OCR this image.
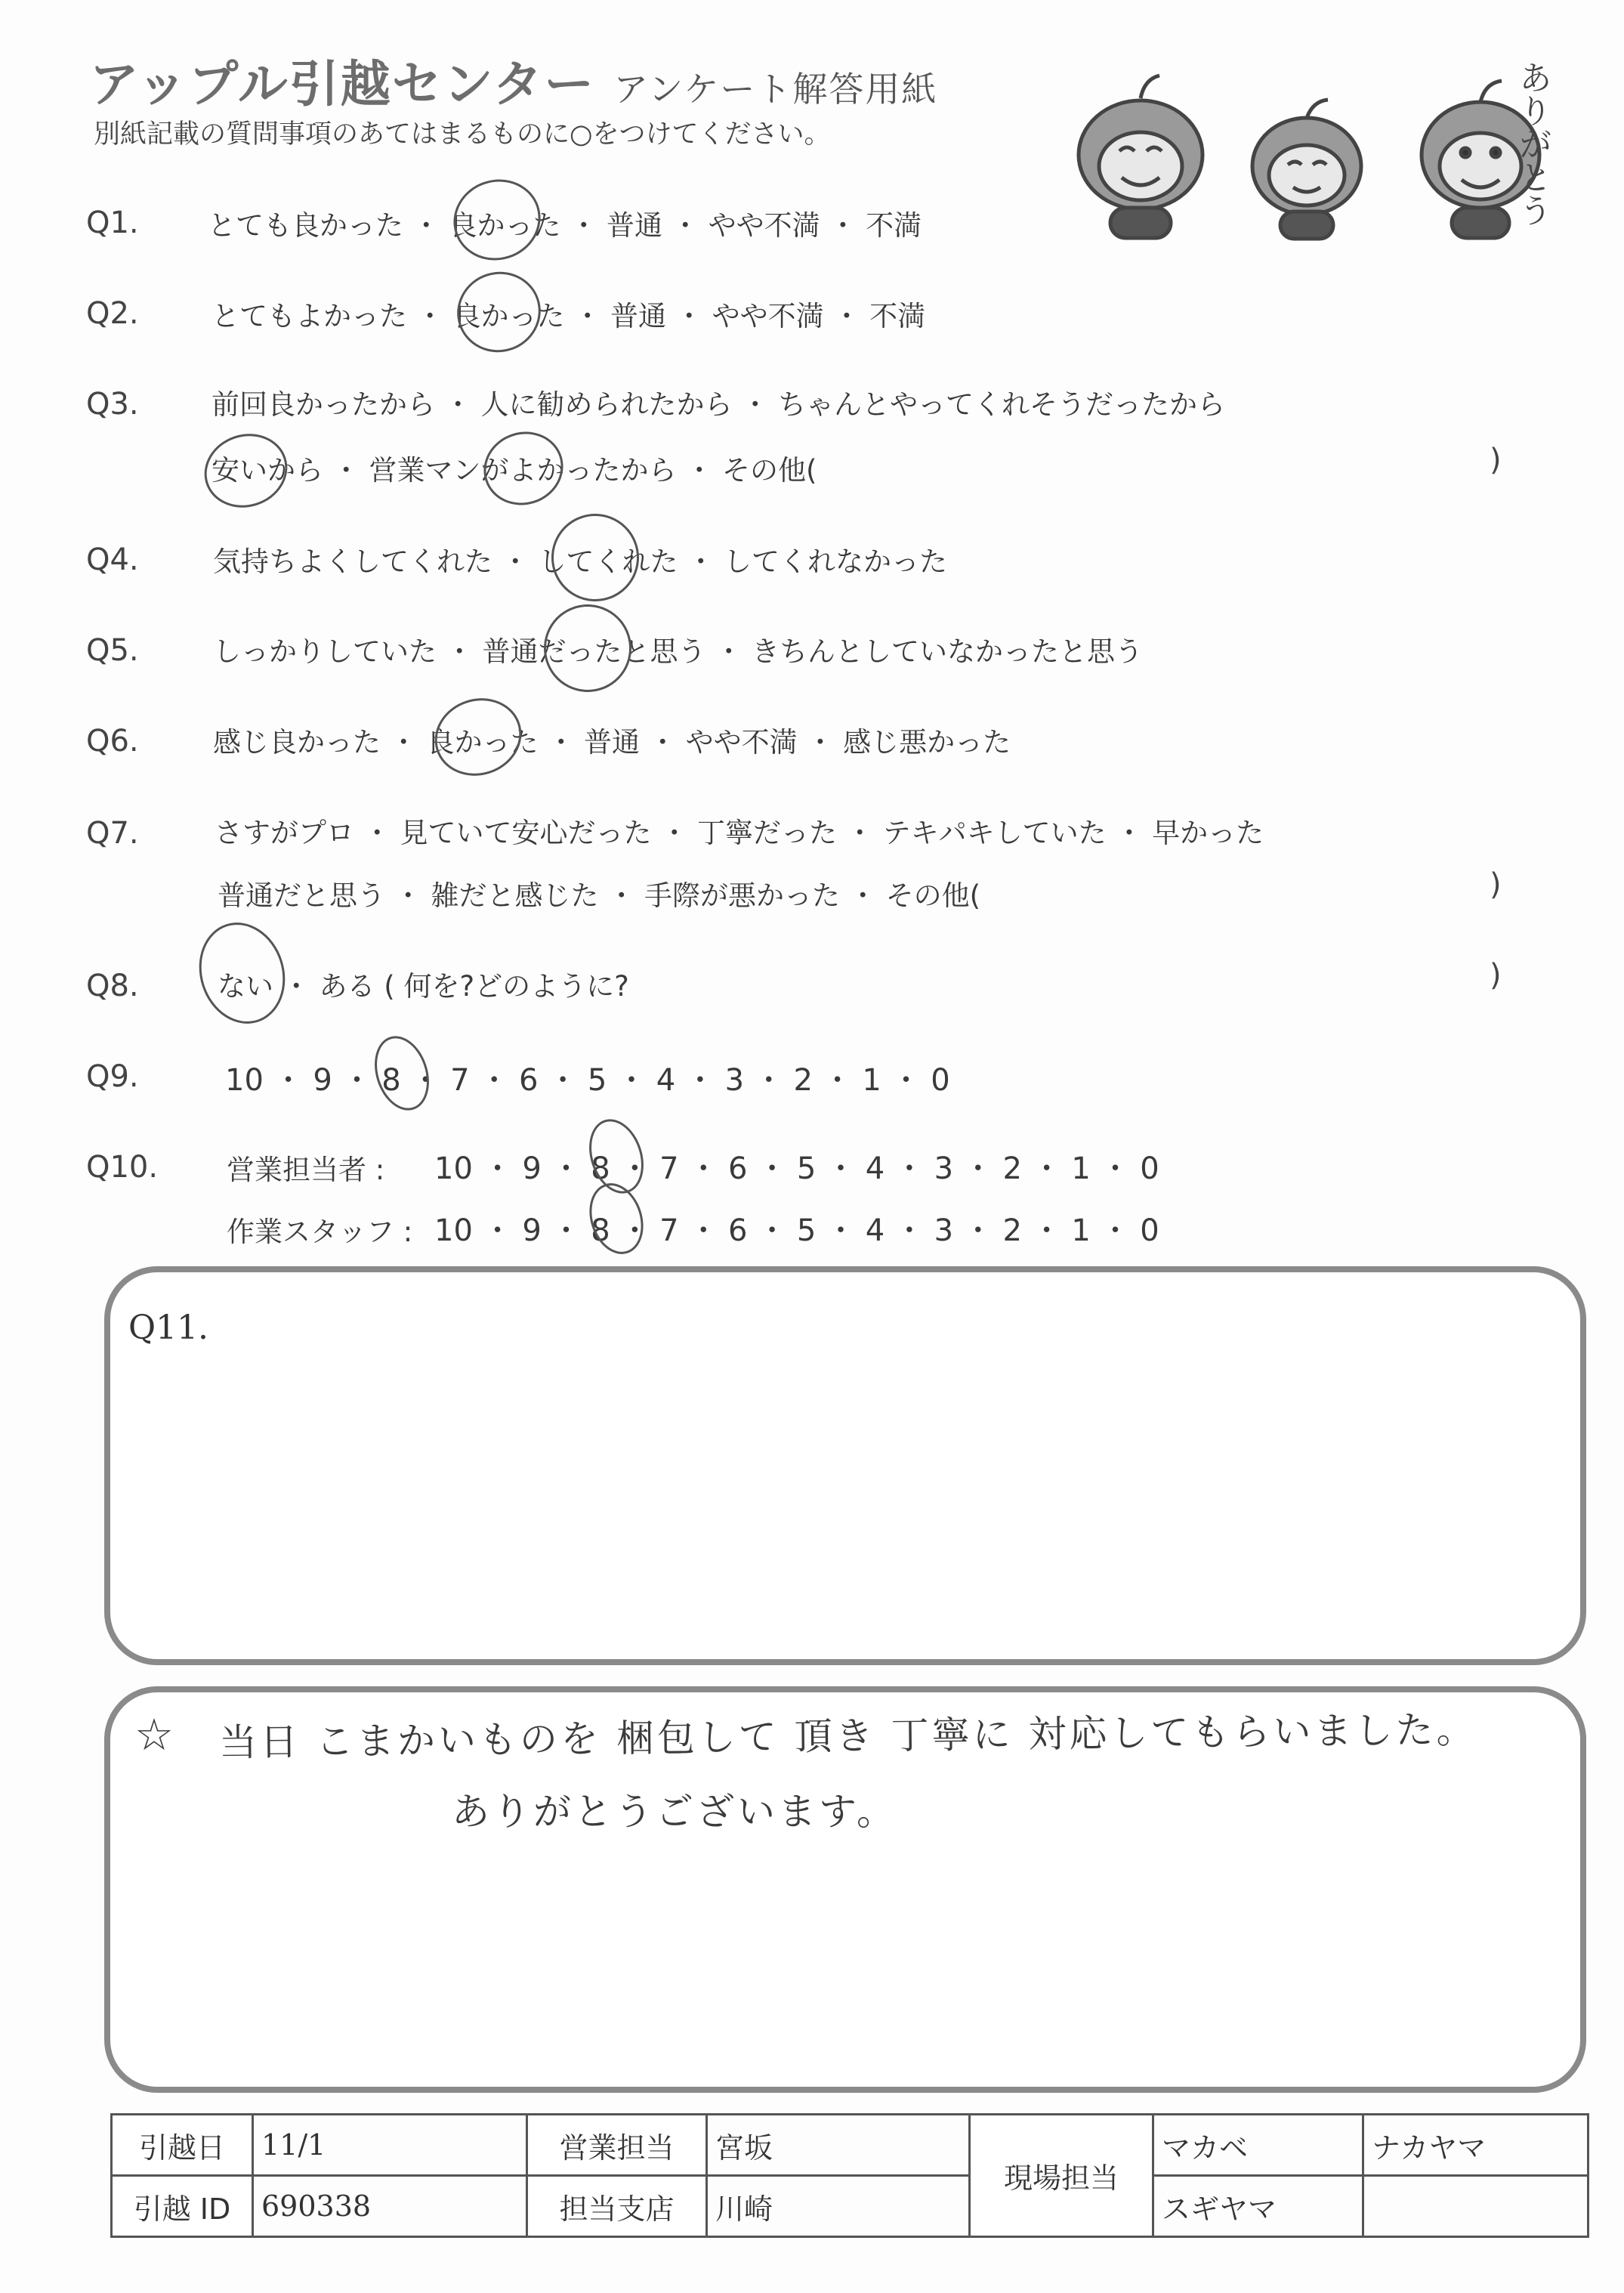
アップル引越センター アンケート解答用紙
別紙記載の質問事項のあてはまるものに○をつけてください。	ありがとう
Q1. とても良かった ・ 良かった ・ 普通 ・ やや不満 ・ 不満
Q2.	とてもよかった ・ 良かった ・ 普通 ・ やや不満 ・ 不満
Q3.	前回良かったから ・ 人に勧められたから ・ ちゃんとやってくれそうだったから
安いから ・ 営業マンがよかったから ・ その他(	)
Q4.	気持ちよくしてくれた ・ してくれた ・ してくれなかった
Q5.	しっかりしていた ・ 普通だったと思う ・ きちんとしていなかったと思う
Q6.	感じ良かった ・ 良かった ・ 普通 ・ やや不満 ・ 感じ悪かった
Q7.	さすがプロ ・ 見ていて安心だった ・ 丁寧だった ・ テキパキしていた ・ 早かった
普通だと思う ・ 雑だと感じた ・ 手際が悪かった ・ その他(	)
Q8.	ない ・ ある ( 何を?どのように?	)
Q9.	10 ・ 9 ・ 8 ・ 7 ・ 6 ・ 5 ・ 4 ・ 3 ・ 2 ・ 1 ・ 0
Q10. 営業担当者 : 10 ・ 9 ・ 8 ・ 7 ・ 6 ・ 5 ・ 4 ・ 3 ・ 2 ・ 1 ・ 0
作業スタッフ : 10 ・ 9 ・ 8 ・ 7 ・ 6 ・ 5 ・ 4 ・ 3 ・ 2 ・ 1 ・ 0
Q11.
☆ 当日 こまかいものを 梱包して 頂き 丁寧に 対応してもらいました。
ありがとうございます。
引越日	11/1	営業担当	宮坂	現場担当	マカベ	ナカヤマ
引越 ID	690338	担当支店	川崎		スギヤマ	
